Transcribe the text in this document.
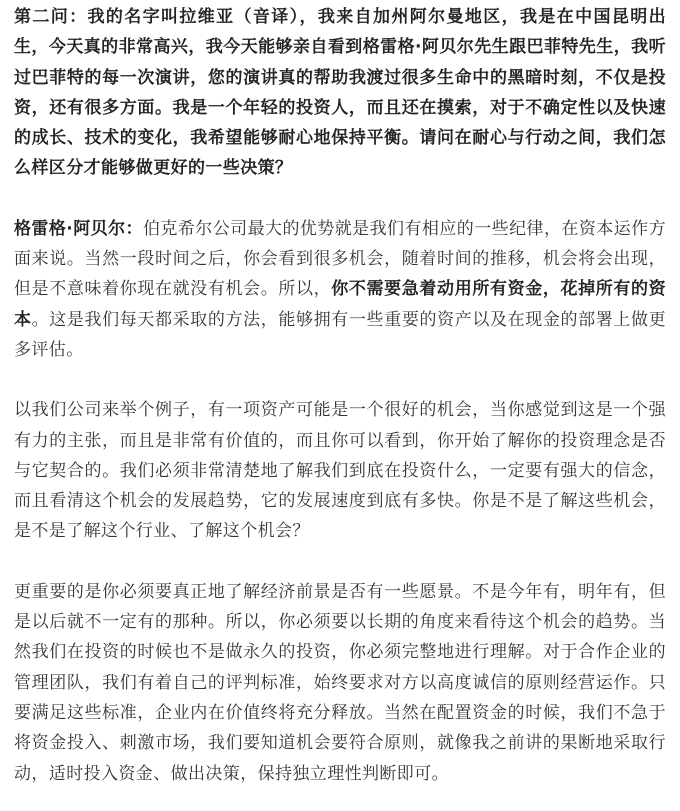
第二问：我的名字叫拉维亚（音译），我来自加州阿尔曼地区，我是在中国昆明出生，今天真的非常高兴，我今天能够亲自看到格雷格·阿贝尔先生跟巴菲特先生，我听过巴菲特的每一次演讲，您的演讲真的帮助我渡过很多生命中的黑暗时刻，不仅是投资，还有很多方面。我是一个年轻的投资人，而且还在摸索，对于不确定性以及快速的成长、技术的变化，我希望能够耐心地保持平衡。请问在耐心与行动之间，我们怎么样区分才能够做更好的一些决策？

格雷格·阿贝尔：伯克希尔公司最大的优势就是我们有相应的一些纪律，在资本运作方面来说。当然一段时间之后，你会看到很多机会，随着时间的推移，机会将会出现，但是不意味着你现在就没有机会。所以，你不需要急着动用所有资金，花掉所有的资本。这是我们每天都采取的方法，能够拥有一些重要的资产以及在现金的部署上做更多评估。

以我们公司来举个例子，有一项资产可能是一个很好的机会，当你感觉到这是一个强有力的主张，而且是非常有价值的，而且你可以看到，你开始了解你的投资理念是否与它契合的。我们必须非常清楚地了解我们到底在投资什么，一定要有强大的信念，而且看清这个机会的发展趋势，它的发展速度到底有多快。你是不是了解这些机会，是不是了解这个行业、了解这个机会？

更重要的是你必须要真正地了解经济前景是否有一些愿景。不是今年有，明年有，但是以后就不一定有的那种。所以，你必须要以长期的角度来看待这个机会的趋势。当然我们在投资的时候也不是做永久的投资，你必须完整地进行理解。对于合作企业的管理团队，我们有着自己的评判标准，始终要求对方以高度诚信的原则经营运作。只要满足这些标准，企业内在价值终将充分释放。当然在配置资金的时候，我们不急于将资金投入、刺激市场，我们要知道机会要符合原则，就像我之前讲的果断地采取行动，适时投入资金、做出决策，保持独立理性判断即可。
